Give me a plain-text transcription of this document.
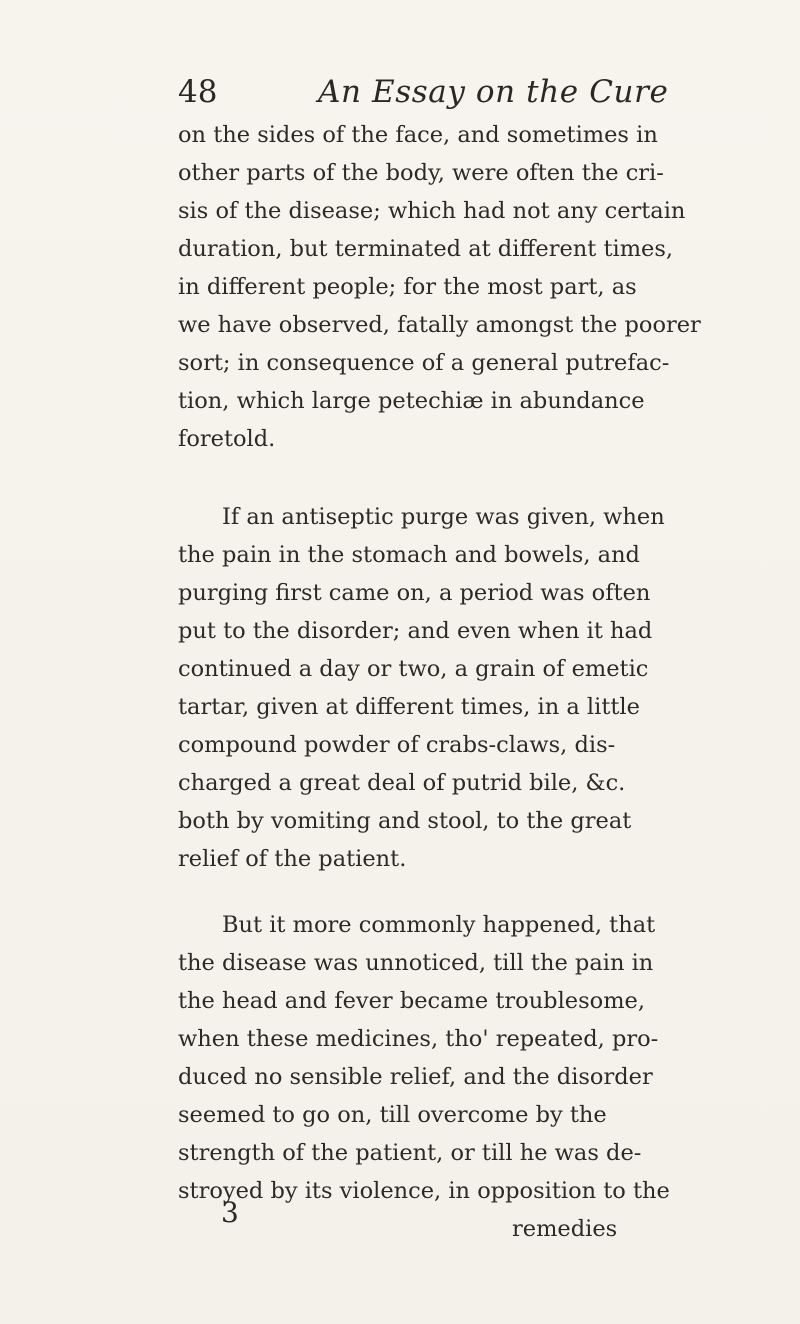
48	An Essay on the Cure
on the sides of the face, and sometimes in
other parts of the body, were often the cri-
sis of the disease; which had not any certain
duration, but terminated at different times,
in different people; for the most part, as
we have observed, fatally amongst the poorer
sort; in consequence of a general putrefac-
tion, which large petechiæ in abundance
foretold.
If an antiseptic purge was given, when
the pain in the stomach and bowels, and
purging first came on, a period was often
put to the disorder; and even when it had
continued a day or two, a grain of emetic
tartar, given at different times, in a little
compound powder of crabs-claws, dis-
charged a great deal of putrid bile, &c.
both by vomiting and stool, to the great
relief of the patient.
But it more commonly happened, that
the disease was unnoticed, till the pain in
the head and fever became troublesome,
when these medicines, tho' repeated, pro-
duced no sensible relief, and the disorder
seemed to go on, till overcome by the
strength of the patient, or till he was de-
stroyed by its violence, in opposition to the
remedies
3
